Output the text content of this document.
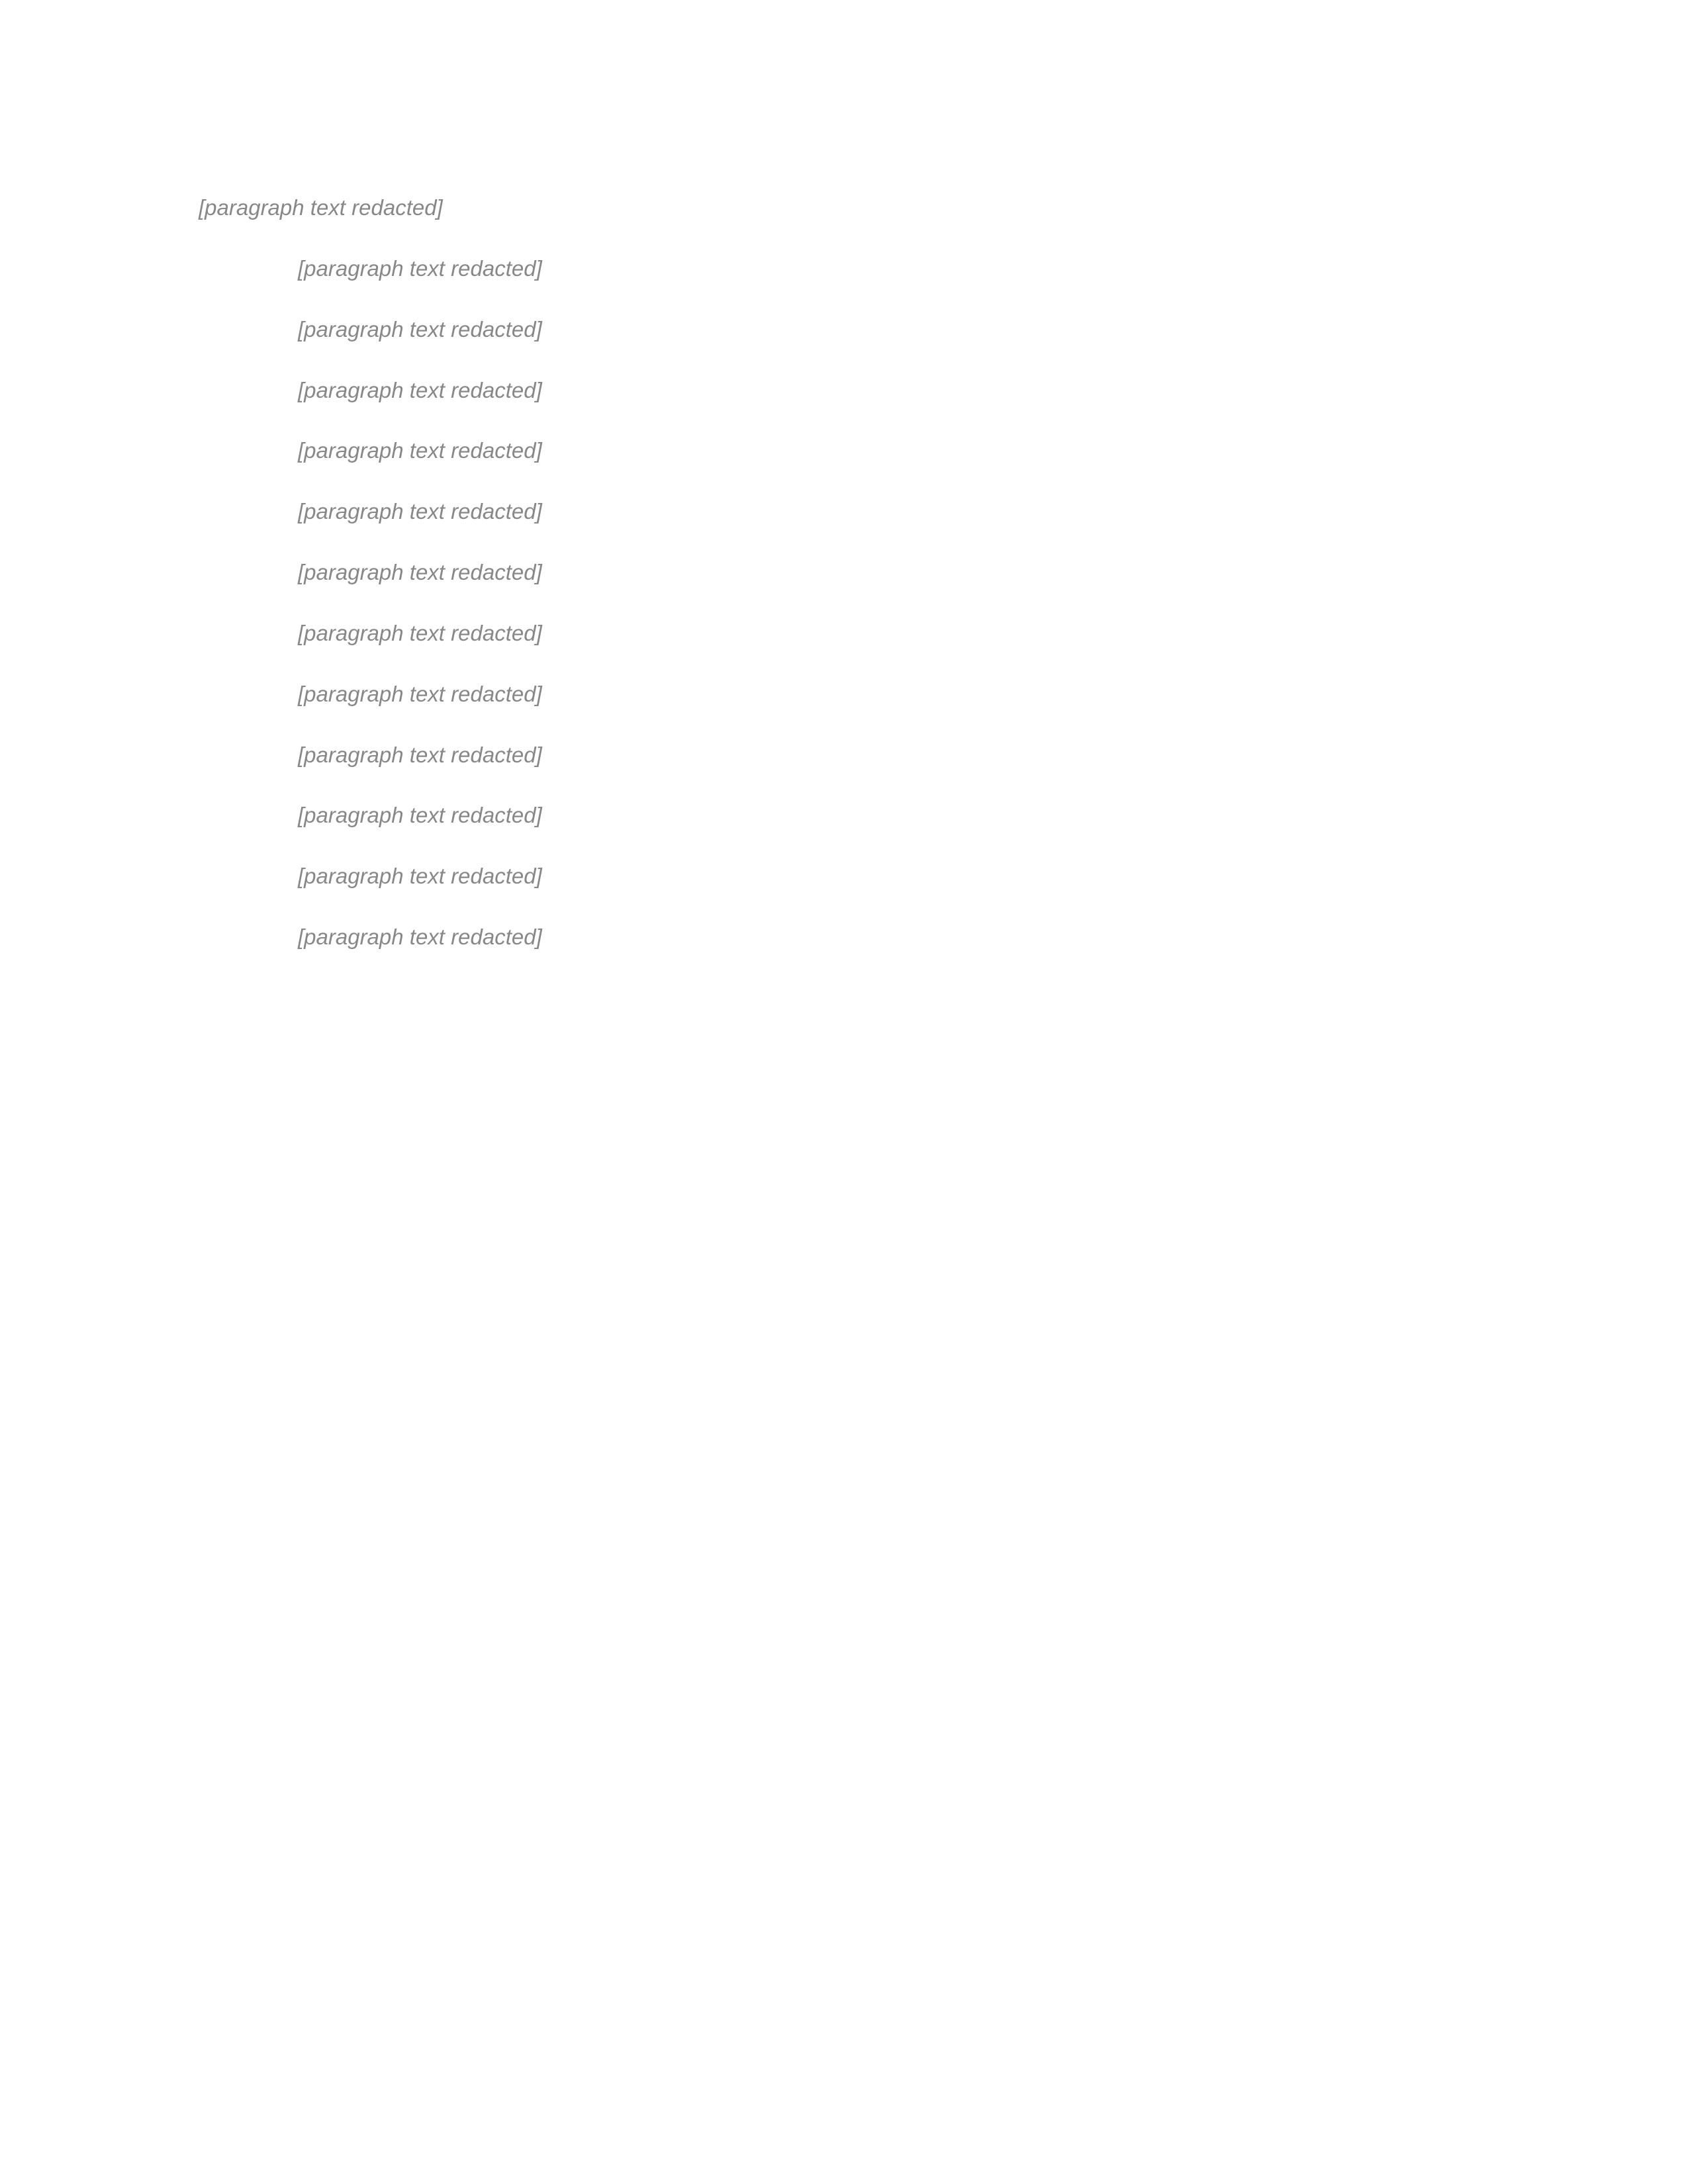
[paragraph text redacted]

[paragraph text redacted]

[paragraph text redacted]

[paragraph text redacted]

[paragraph text redacted]

[paragraph text redacted]

[paragraph text redacted]

[paragraph text redacted]

[paragraph text redacted]

[paragraph text redacted]

[paragraph text redacted]

[paragraph text redacted]

[paragraph text redacted]
